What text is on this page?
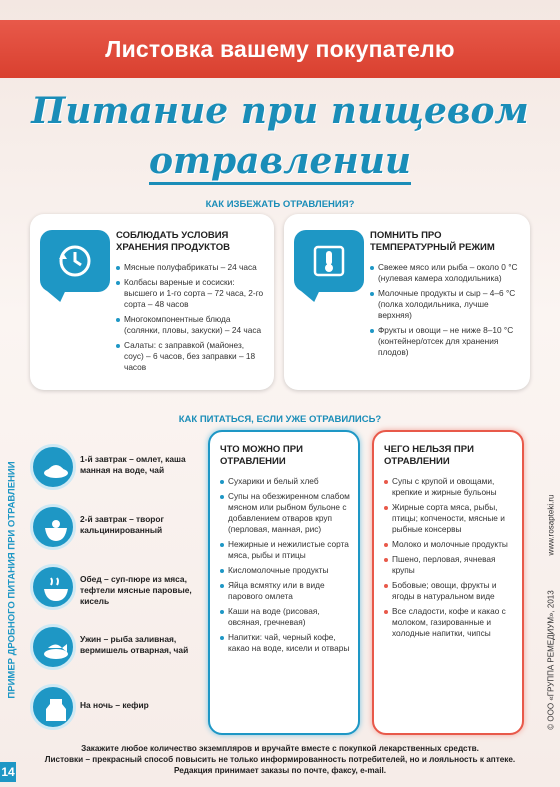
Листовка вашему покупателю
Питание при пищевом
отравлении
КАК ИЗБЕЖАТЬ ОТРАВЛЕНИЯ?
СОБЛЮДАТЬ УСЛОВИЯ ХРАНЕНИЯ ПРОДУКТОВ
Мясные полуфабрикаты – 24 часа
Колбасы вареные и сосиски: высшего и 1-го сорта – 72 часа, 2-го сорта – 48 часов
Многокомпонентные блюда (солянки, пловы, закуски) – 24 часа
Салаты: с заправкой (майонез, соус) – 6 часов, без заправки – 18 часов
ПОМНИТЬ ПРО ТЕМПЕРАТУРНЫЙ РЕЖИМ
Свежее мясо или рыба – около 0 °С (нулевая камера холодильника)
Молочные продукты и сыр – 4–6 °С (полка холодильника, лучше верхняя)
Фрукты и овощи – не ниже 8–10 °С (контейнер/отсек для хранения плодов)
КАК ПИТАТЬСЯ, ЕСЛИ УЖЕ ОТРАВИЛИСЬ?
ПРИМЕР ДРОБНОГО ПИТАНИЯ ПРИ ОТРАВЛЕНИИ
1-й завтрак – омлет, каша манная на воде, чай
2-й завтрак – творог кальцинированный
Обед – суп-пюре из мяса, тефтели мясные паровые, кисель
Ужин – рыба заливная, вермишель отварная, чай
На ночь – кефир
ЧТО МОЖНО ПРИ ОТРАВЛЕНИИ
Сухарики и белый хлеб
Супы на обезжиренном слабом мясном или рыбном бульоне с добавлением отваров круп (перловая, манная, рис)
Нежирные и нежилистые сорта мяса, рыбы и птицы
Кисломолочные продукты
Яйца всмятку или в виде парового омлета
Каши на воде (рисовая, овсяная, гречневая)
Напитки: чай, черный кофе, какао на воде, кисели и отвары
ЧЕГО НЕЛЬЗЯ ПРИ ОТРАВЛЕНИИ
Супы с крупой и овощами, крепкие и жирные бульоны
Жирные сорта мяса, рыбы, птицы; копчености, мясные и рыбные консервы
Молоко и молочные продукты
Пшено, перловая, ячневая крупы
Бобовые; овощи, фрукты и ягоды в натуральном виде
Все сладости, кофе и какао с молоком, газированные и холодные напитки, чипсы
www.rosapteki.ru
© ООО «ГРУППА РЕМЕДИУМ», 2013
Закажите любое количество экземпляров и вручайте вместе с покупкой лекарственных средств.
Листовки – прекрасный способ повысить не только информированность потребителей, но и лояльность к аптеке.
Редакция принимает заказы по почте, факсу, e-mail.
14
